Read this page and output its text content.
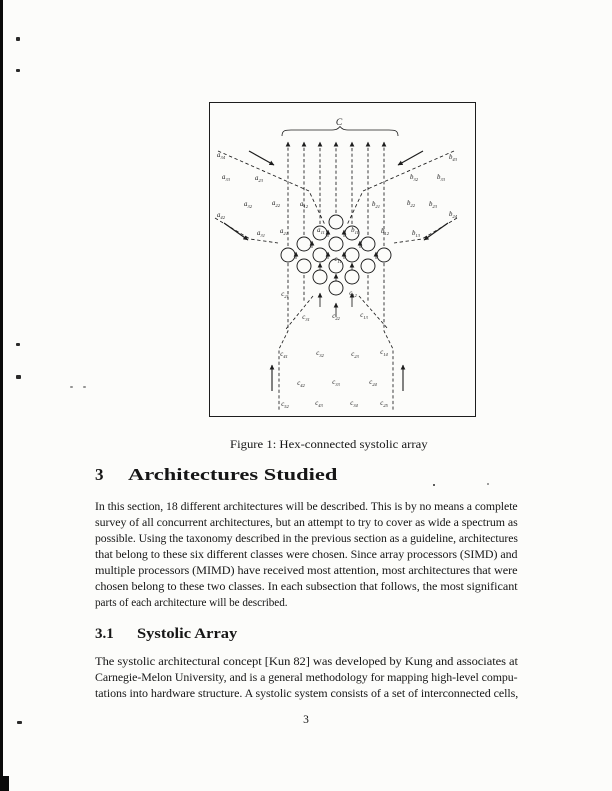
C
$a_{34}$
$a_{33}$	$a_{23}$
$a_{32}$	$a_{22}$	$a_{12}$
$a_{42}$
$a_{31}$
$a_{21}$	$a_{11}$
$b_{43}$
$b_{32}$	$b_{33}$
$b_{21}$	$b_{22}$ $b_{23}$
$b_{24}$
$b_{12}$	$b_{13}$
$b_{11}$
$c_{11}$
$c_{21}$	$c_{12}$
$c_{31}$	$c_{22}$	$c_{13}$
$c_{41}$	$c_{32}$	$c_{23}$
$c_{14}$
$c_{42}$	$c_{33}$	$c_{24}$
$c_{52}$	$c_{43}$	$c_{34}$	$c_{25}$
Figure 1: Hex-connected systolic array
3 Architectures Studied
In this section, 18 different architectures will be described. This is by no means a complete
survey of all concurrent architectures, but an attempt to try to cover as wide a spectrum as
possible. Using the taxonomy described in the previous section as a guideline, architectures
that belong to these six different classes were chosen. Since array processors (SIMD) and
multiple processors (MIMD) have received most attention, most architectures that were
chosen belong to these two classes. In each subsection that follows, the most significant
parts of each architecture will be described.
3.1 Systolic Array
The systolic architectural concept [Kun 82] was developed by Kung and associates at
Carnegie-Melon University, and is a general methodology for mapping high-level compu-
tations into hardware structure. A systolic system consists of a set of interconnected cells,
3
